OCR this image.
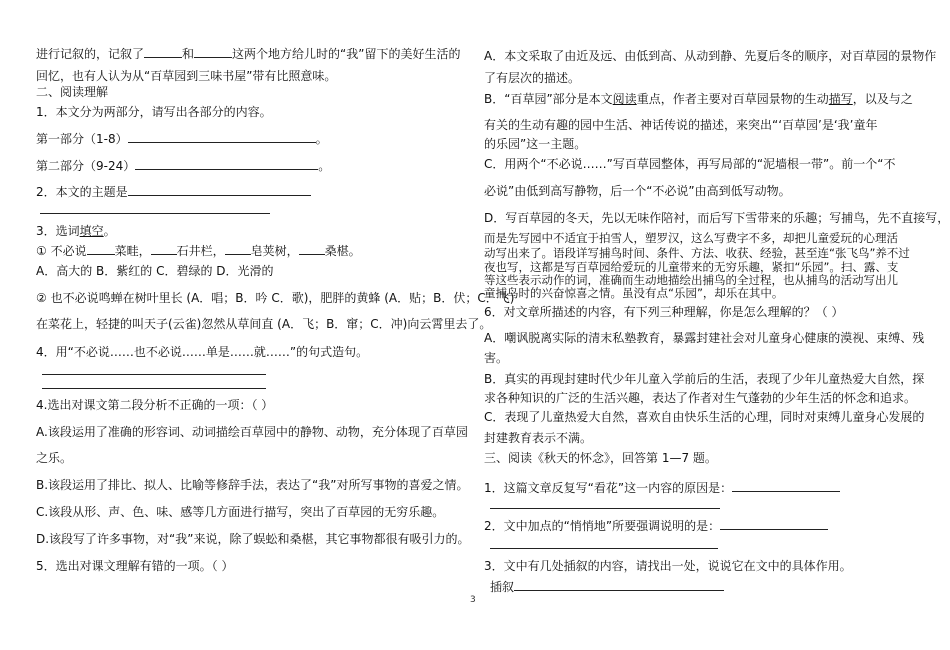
进行记叙的，记叙了	和	这两个地方给儿时的“我”留下的美好生活的
回忆，也有人认为从“百草园到三味书屋”带有比照意味。
二、阅读理解
1．本文分为两部分，请写出各部分的内容。
第一部分（1-8）	。
第二部分（9-24）	。
2．本文的主题是
3．选词填空。
① 不必说 菜畦， 石井栏， 皂荚树， 桑椹。
A．高大的 B．紫红的 C．碧绿的 D．光滑的
② 也不必说鸣蝉在树叶里长 (A．唱；B．吟 C．歌)，肥胖的黄蜂 (A．贴；B．伏；C．飞)
在菜花上，轻捷的叫天子(云雀)忽然从草间直 (A．飞；B．窜；C．冲)向云霄里去了。
4．用“不必说……也不必说……单是……就……”的句式造句。
4.选出对课文第二段分析不正确的一项：（ ）
A.该段运用了准确的形容词、动词描绘百草园中的静物、动物，充分体现了百草园
之乐。
B.该段运用了排比、拟人、比喻等修辞手法，表达了“我”对所写事物的喜爱之情。
C.该段从形、声、色、味、感等几方面进行描写，突出了百草园的无穷乐趣。
D.该段写了许多事物，对“我”来说，除了蜈蚣和桑椹，其它事物都很有吸引力的。
5．选出对课文理解有错的一项。（ ）
A．本文采取了由近及远、由低到高、从动到静、先夏后冬的顺序，对百草园的景物作
了有层次的描述。
B．“百草园”部分是本文阅读重点，作者主要对百草园景物的生动描写，以及与之
有关的生动有趣的园中生活、神话传说的描述，来突出“‘百草园’是‘我’童年
的乐园”这一主题。
C．用两个“不必说……”写百草园整体，再写局部的“泥墙根一带”。前一个“不
必说”由低到高写静物，后一个“不必说”由高到低写动物。
D．写百草园的冬天，先以无味作陪衬，而后写下雪带来的乐趣；写捕鸟，先不直接写，
而是先写园中不适宜于拍雪人，塑罗汉，这么写费字不多，却把儿童爱玩的心理活
动写出来了。语段详写捕鸟时间、条件、方法、收获、经验，甚至连“张飞鸟”养不过
夜也写，这都是写百草园给爱玩的儿童带来的无穷乐趣，紧扣“乐园”。扫、露、支
等这些表示动作的词，准确而生动地描绘出捕鸟的全过程，也从捕鸟的活动写出儿
童捕鸟时的兴奋惊喜之情。虽没有点“乐园”，却乐在其中。
6．对文章所描述的内容，有下列三种理解，你是怎么理解的？（ ）
A．嘲讽脱离实际的清末私塾教育，暴露封建社会对儿童身心健康的漠视、束缚、残
害。
B．真实的再现封建时代少年儿童入学前后的生活，表现了少年儿童热爱大自然，探
求各种知识的广泛的生活兴趣，表达了作者对生气蓬勃的少年生活的怀念和追求。
C．表现了儿童热爱大自然，喜欢自由快乐生活的心理，同时对束缚儿童身心发展的
封建教育表示不满。
三、阅读《秋天的怀念》，回答第 1—7 题。
1．这篇文章反复写“看花”这一内容的原因是：
2．文中加点的“悄悄地”所要强调说明的是：
3．文中有几处插叙的内容，请找出一处，说说它在文中的具体作用。
插叙
3
